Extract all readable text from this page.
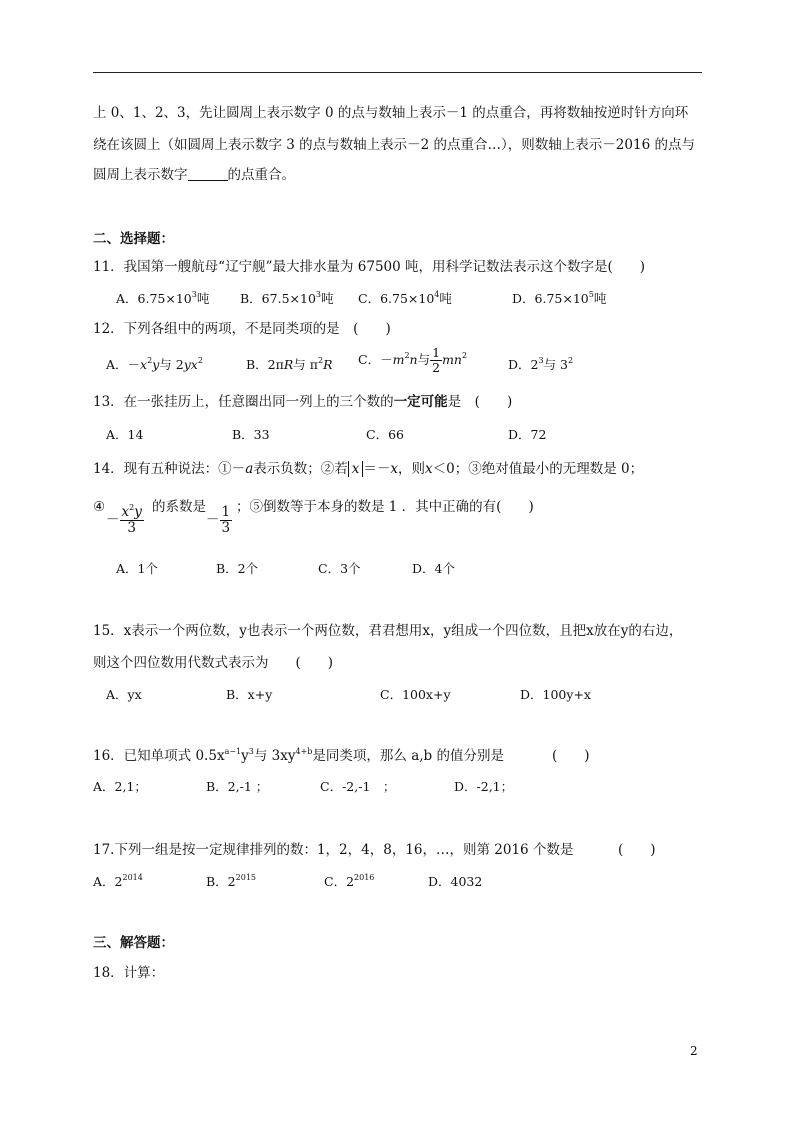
上 0、1、2、3，先让圆周上表示数字 0 的点与数轴上表示－1 的点重合，再将数轴按逆时针方向环
绕在该圆上（如圆周上表示数字 3 的点与数轴上表示－2 的点重合…），则数轴上表示－2016 的点与
圆周上表示数字	的点重合。
二、选择题：
11．我国第一艘航母“辽宁舰”最大排水量为 67500 吨，用科学记数法表示这个数字是(　　)
A．$6.75\times 10^3$吨 B．$67.5\times 10^3$吨 C．$6.75\times 10^4$吨	D．$6.75\times 10^5$吨
12．下列各组中的两项，不是同类项的是　(　　)
A．$-x^2y$与 $2yx^2$	B．2πR与 $\pi^2R$ C．$-m^2n$与 $\frac{1}{2} mn^2$
D．$2^3$与 $3^2$
13．在一张挂历上，任意圈出同一列上的三个数的一定可能是　(　　)
A．14	B．33	C．66	D．72
14．现有五种说法：①－a表示负数；②若 x ＝－x，则x＜0；③绝对值最小的无理数是 0；
④
－ $\frac{x^2y}{3}$ 的系数是
－ $\frac{1}{3}$ ；⑤倒数等于本身的数是 1 ．其中正确的有(　　)
A．1个	B．2个	C．3个	D．4个
15．x表示一个两位数，y也表示一个两位数，君君想用x，y组成一个四位数，且把x放在y的右边，
则这个四位数用代数式表示为　　(　　)
A．yx	B．x+y	C．100x+y	D．100y+x
16．已知单项式 $0.5x^{a-1}y^3$与 $3xy^{4+b}$是同类项，那么 a,b 的值分别是	(　　)
A．2,1；	B．2,-1 ；	C．-2,-1　；	D．-2,1；
17.下列一组是按一定规律排列的数：1，2，4，8，16，…，则第 2016 个数是	(　　)
A．$2^{2014}$	B．$2^{2015}$	C．$2^{2016}$	D．4032
三、解答题：
18．计算：
2
